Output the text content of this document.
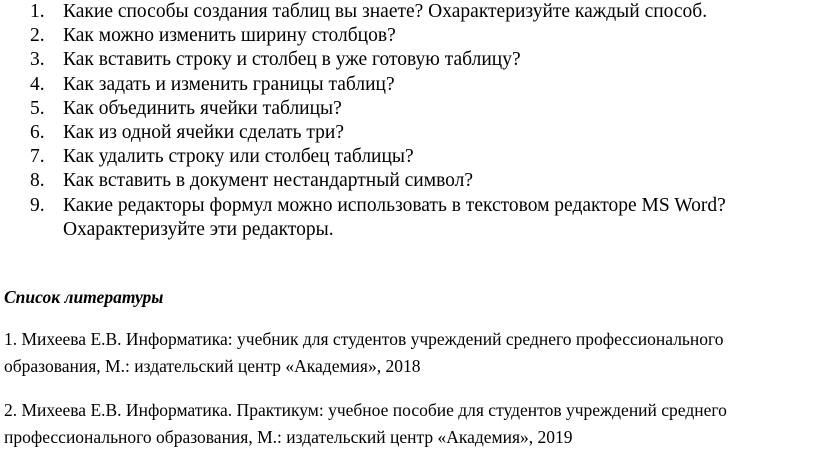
1. Какие способы создания таблиц вы знаете? Охарактеризуйте каждый способ.
2. Как можно изменить ширину столбцов?
3. Как вставить строку и столбец в уже готовую таблицу?
4. Как задать и изменить границы таблиц?
5. Как объединить ячейки таблицы?
6. Как из одной ячейки сделать три?
7. Как удалить строку или столбец таблицы?
8. Как вставить в документ нестандартный символ?
9. Какие редакторы формул можно использовать в текстовом редакторе MS Word? Охарактеризуйте эти редакторы.
Список литературы
1. Михеева Е.В. Информатика: учебник для студентов учреждений среднего профессионального образования, М.: издательский центр «Академия», 2018
2. Михеева Е.В. Информатика. Практикум: учебное пособие для студентов учреждений среднего профессионального образования, М.: издательский центр «Академия», 2019
